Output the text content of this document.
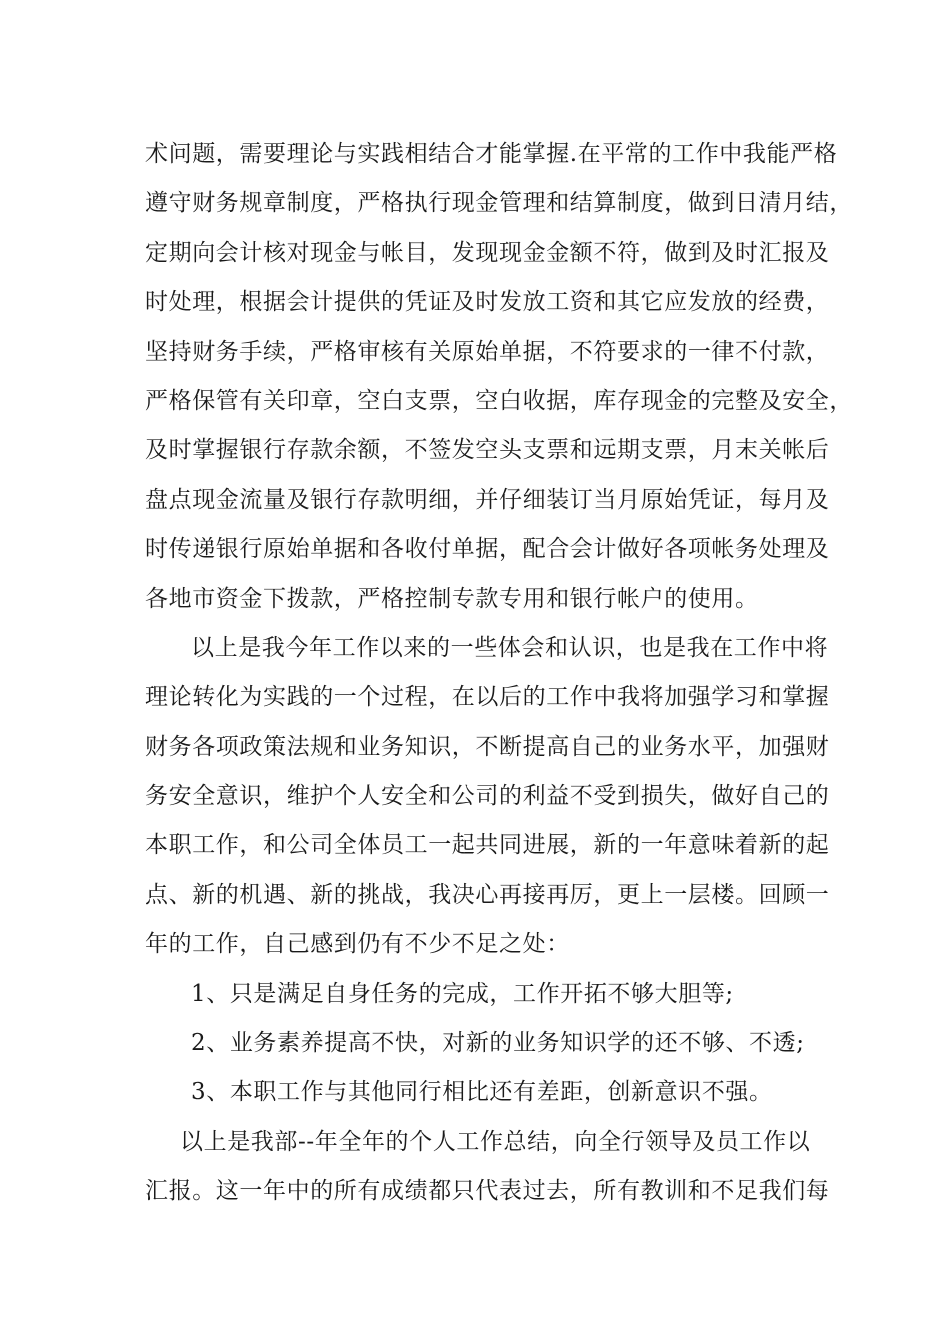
术问题，需要理论与实践相结合才能掌握.在平常的工作中我能严格
遵守财务规章制度，严格执行现金管理和结算制度，做到日清月结，
定期向会计核对现金与帐目，发现现金金额不符，做到及时汇报及
时处理，根据会计提供的凭证及时发放工资和其它应发放的经费，
坚持财务手续，严格审核有关原始单据，不符要求的一律不付款，
严格保管有关印章，空白支票，空白收据，库存现金的完整及安全，
及时掌握银行存款余额，不签发空头支票和远期支票，月末关帐后
盘点现金流量及银行存款明细，并仔细装订当月原始凭证，每月及
时传递银行原始单据和各收付单据，配合会计做好各项帐务处理及
各地市资金下拨款，严格控制专款专用和银行帐户的使用。
以上是我今年工作以来的一些体会和认识，也是我在工作中将
理论转化为实践的一个过程，在以后的工作中我将加强学习和掌握
财务各项政策法规和业务知识，不断提高自己的业务水平，加强财
务安全意识，维护个人安全和公司的利益不受到损失，做好自己的
本职工作，和公司全体员工一起共同进展，新的一年意味着新的起
点、新的机遇、新的挑战，我决心再接再厉，更上一层楼。回顾一
年的工作，自己感到仍有不少不足之处：
1、只是满足自身任务的完成，工作开拓不够大胆等;
2、业务素养提高不快，对新的业务知识学的还不够、不透;
3、本职工作与其他同行相比还有差距，创新意识不强。
以上是我部--年全年的个人工作总结，向全行领导及员工作以
汇报。这一年中的所有成绩都只代表过去，所有教训和不足我们每
